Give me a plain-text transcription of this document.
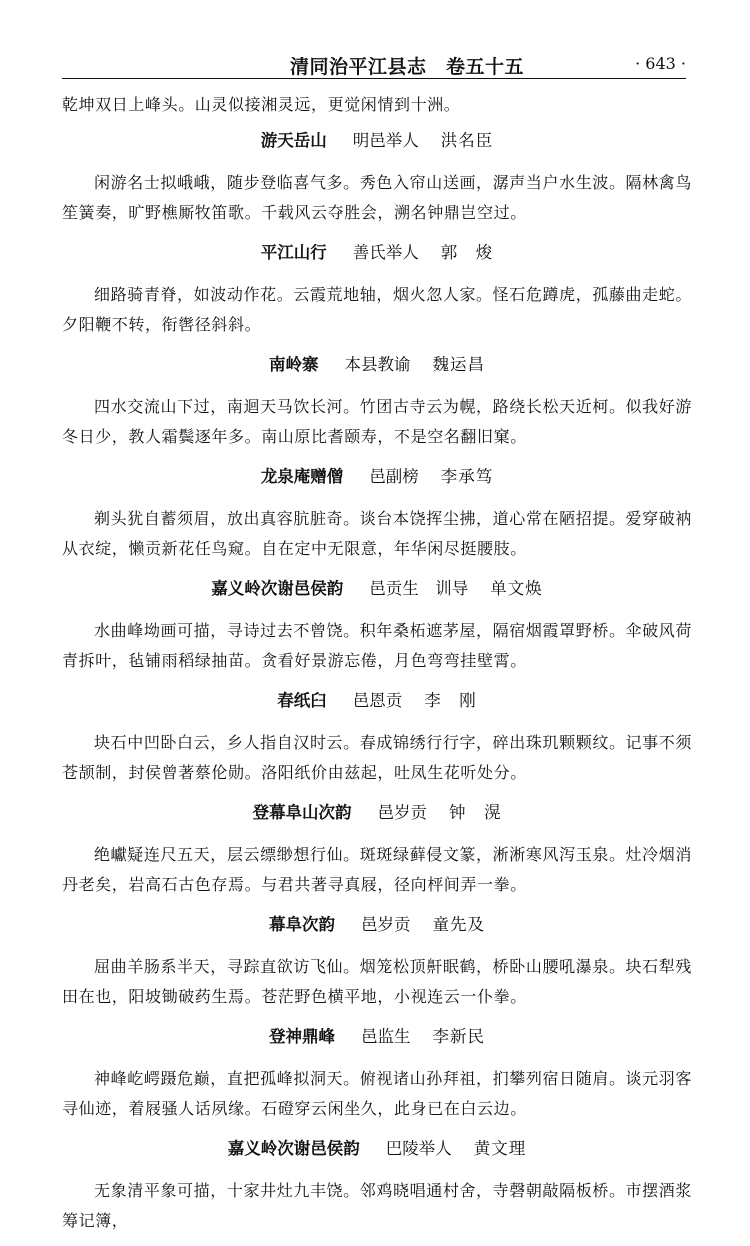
清同治平江县志　卷五十五	· 643 ·

乾坤双日上峰头。山灵似接湘灵远，更觉闲情到十洲。

游天岳山 明邑举人 洪名臣

闲游名士拟峨峨，随步登临喜气多。秀色入帘山送画，潺声当户水生波。隔林禽鸟笙簧奏，旷野樵厮牧笛歌。千载风云夺胜会，溯名钟鼎岂空过。

平江山行 善氏举人 郭　焌

细路骑青脊，如波动作花。云霞荒地轴，烟火忽人家。怪石危蹲虎，孤藤曲走蛇。夕阳鞭不转，衔辔径斜斜。

南岭寨 本县教谕 魏运昌

四水交流山下过，南迴天马饮长河。竹团古寺云为幌，路绕长松天近柯。似我好游冬日少，教人霜鬓逐年多。南山原比耆颐寿，不是空名翻旧窠。

龙泉庵赠僧 邑副榜 李承笃

剃头犹自蓄须眉，放出真容肮脏奇。谈台本饶挥尘拂，道心常在陋招提。爱穿破衲从衣绽，懒贡新花任鸟窥。自在定中无限意，年华闲尽挺腰肢。

嘉义岭次谢邑侯韵 邑贡生　训导 单文焕

水曲峰坳画可描，寻诗过去不曾饶。积年桑柘遮茅屋，隔宿烟霞罩野桥。伞破风荷青拆叶，毡铺雨稻绿抽苗。贪看好景游忘倦，月色弯弯挂壁霄。

春纸臼 邑恩贡 李　刚

块石中凹卧白云，乡人指自汉时云。春成锦绣行行字，碎出珠玑颗颗纹。记事不须苍颉制，封侯曾著蔡伦勋。洛阳纸价由兹起，吐凤生花听处分。

登幕阜山次韵 邑岁贡 钟　滉

绝巘疑连尺五天，层云缥缈想行仙。斑斑绿藓侵文篆，淅淅寒风泻玉泉。灶冷烟消丹老矣，岩高石古色存焉。与君共著寻真屐，径向枰间弄一拳。

幕阜次韵 邑岁贡 童先及

屈曲羊肠系半天，寻踪直欲访飞仙。烟笼松顶鼾眠鹤，桥卧山腰吼瀑泉。块石犁残田在也，阳坡锄破药生焉。苍茫野色横平地，小视连云一仆拳。

登神鼎峰 邑监生 李新民

神峰屹崿蹑危巅，直把孤峰拟洞天。俯视诸山孙拜祖，扪攀列宿日随肩。谈元羽客寻仙迹，着屐骚人话夙缘。石磴穿云闲坐久，此身已在白云边。

嘉义岭次谢邑侯韵 巴陵举人 黄文理

无象清平象可描，十家井灶九丰饶。邻鸡晓唱通村舍，寺磬朝敲隔板桥。市摆酒浆筹记簿，
